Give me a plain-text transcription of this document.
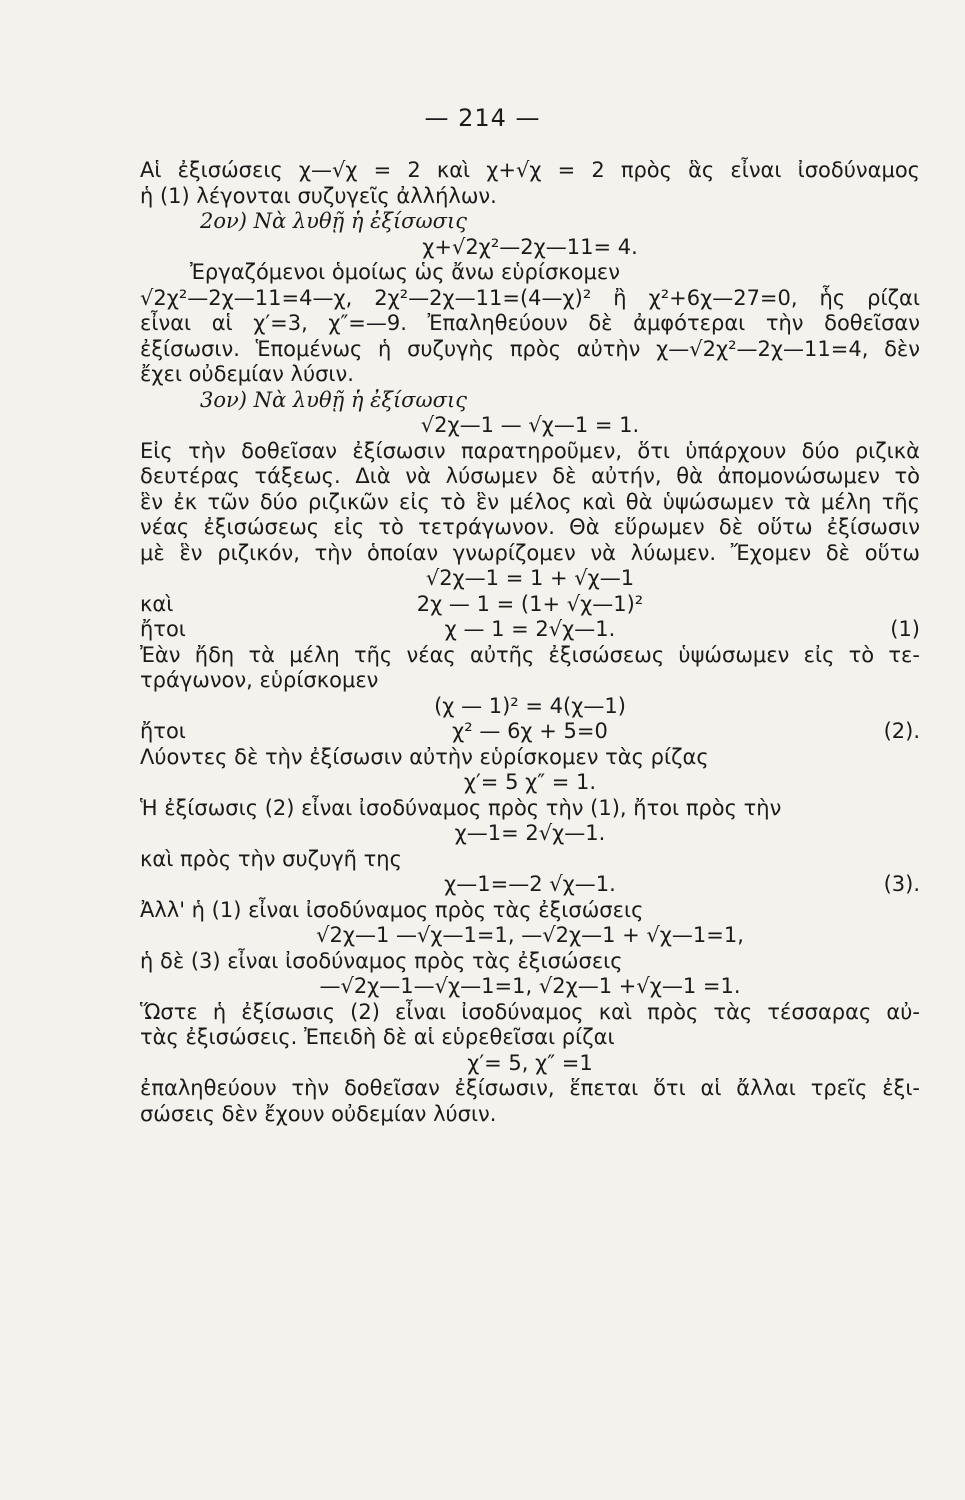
— 214 —
Αἱ ἐξισώσεις χ—√χ = 2 καὶ χ+√χ = 2 πρὸς ἃς εἶναι ἰσοδύναμος
ἡ (1) λέγονται συζυγεῖς ἀλλήλων.
2ον) Νὰ λυθῇ ἡ ἐξίσωσις
χ+√2χ²—2χ—11= 4.
Ἐργαζόμενοι ὁμοίως ὡς ἄνω εὑρίσκομεν
√2χ²—2χ—11=4—χ, 2χ²—2χ—11=(4—χ)² ἢ χ²+6χ—27=0, ἧς ρίζαι
εἶναι αἱ χ′=3, χ″=—9. Ἐπαληθεύουν δὲ ἀμφότεραι τὴν δοθεῖσαν
ἐξίσωσιν. Ἑπομένως ἡ συζυγὴς πρὸς αὐτὴν χ—√2χ²—2χ—11=4, δὲν
ἔχει οὐδεμίαν λύσιν.
3ον) Νὰ λυθῇ ἡ ἐξίσωσις
√2χ—1 — √χ—1 = 1.
Εἰς τὴν δοθεῖσαν ἐξίσωσιν παρατηροῦμεν, ὅτι ὑπάρχουν δύο ριζικὰ
δευτέρας τάξεως. Διὰ νὰ λύσωμεν δὲ αὐτήν, θὰ ἀπομονώσωμεν τὸ
ἓν ἐκ τῶν δύο ριζικῶν εἰς τὸ ἓν μέλος καὶ θὰ ὑψώσωμεν τὰ μέλη τῆς
νέας ἐξισώσεως εἰς τὸ τετράγωνον. Θὰ εὕρωμεν δὲ οὕτω ἐξίσωσιν
μὲ ἓν ριζικόν, τὴν ὁποίαν γνωρίζομεν νὰ λύωμεν. Ἔχομεν δὲ οὕτω
√2χ—1 = 1 + √χ—1
καὶ	2χ — 1 = (1+ √χ—1)²
ἤτοι	χ — 1 = 2√χ—1.	(1)
Ἐὰν ἤδη τὰ μέλη τῆς νέας αὐτῆς ἐξισώσεως ὑψώσωμεν εἰς τὸ τε-
τράγωνον, εὑρίσκομεν
(χ — 1)² = 4(χ—1)
ἤτοι	χ² — 6χ + 5=0	(2).
Λύοντες δὲ τὴν ἐξίσωσιν αὐτὴν εὑρίσκομεν τὰς ρίζας
χ′= 5 χ″ = 1.
Ἡ ἐξίσωσις (2) εἶναι ἰσοδύναμος πρὸς τὴν (1), ἤτοι πρὸς τὴν
χ—1= 2√χ—1.
καὶ πρὸς τὴν συζυγῆ της
χ—1=—2 √χ—1.	(3).
Ἀλλ' ἡ (1) εἶναι ἰσοδύναμος πρὸς τὰς ἐξισώσεις
√2χ—1 —√χ—1=1, —√2χ—1 + √χ—1=1,
ἡ δὲ (3) εἶναι ἰσοδύναμος πρὸς τὰς ἐξισώσεις
—√2χ—1—√χ—1=1, √2χ—1 +√χ—1 =1.
Ὥστε ἡ ἐξίσωσις (2) εἶναι ἰσοδύναμος καὶ πρὸς τὰς τέσσαρας αὐ-
τὰς ἐξισώσεις. Ἐπειδὴ δὲ αἱ εὑρεθεῖσαι ρίζαι
χ′= 5, χ″ =1
ἐπαληθεύουν τὴν δοθεῖσαν ἐξίσωσιν, ἕπεται ὅτι αἱ ἄλλαι τρεῖς ἐξι-
σώσεις δὲν ἔχουν οὐδεμίαν λύσιν.
